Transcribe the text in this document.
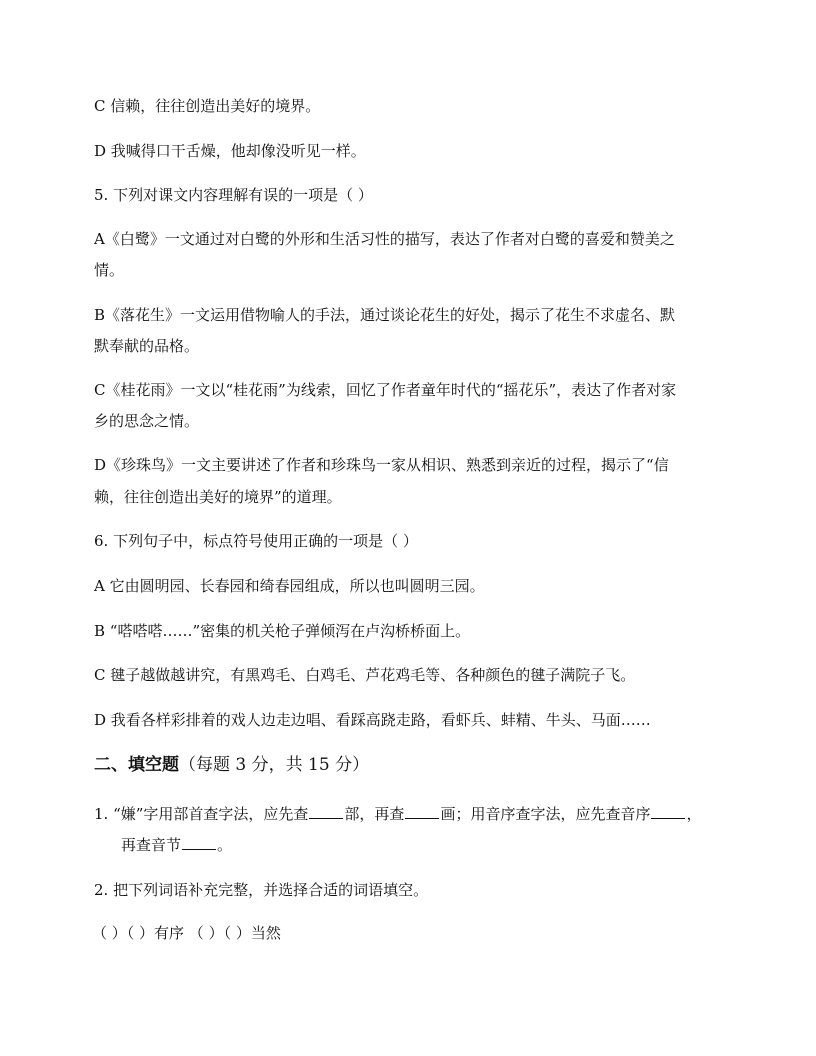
C 信赖，往往创造出美好的境界。
D 我喊得口干舌燥，他却像没听见一样。
5. 下列对课文内容理解有误的一项是（ ）
A《白鹭》一文通过对白鹭的外形和生活习性的描写，表达了作者对白鹭的喜爱和赞美之
情。
B《落花生》一文运用借物喻人的手法，通过谈论花生的好处，揭示了花生不求虚名、默
默奉献的品格。
C《桂花雨》一文以“桂花雨”为线索，回忆了作者童年时代的“摇花乐”，表达了作者对家
乡的思念之情。
D《珍珠鸟》一文主要讲述了作者和珍珠鸟一家从相识、熟悉到亲近的过程，揭示了“信
赖，往往创造出美好的境界”的道理。
6. 下列句子中，标点符号使用正确的一项是（ ）
A 它由圆明园、长春园和绮春园组成，所以也叫圆明三园。
B “嗒嗒嗒……”密集的机关枪子弹倾泻在卢沟桥桥面上。
C 毽子越做越讲究，有黑鸡毛、白鸡毛、芦花鸡毛等、各种颜色的毽子满院子飞。
D 我看各样彩排着的戏人边走边唱、看踩高跷走路，看虾兵、蚌精、牛头、马面……
二、填空题（每题 3 分，共 15 分）
1. “嫌”字用部首查字法，应先查 部，再查 画；用音序查字法，应先查音序 ，
再查音节 。
2. 把下列词语补充完整，并选择合适的词语填空。
（ ）（ ）有序 （ ）（ ）当然
